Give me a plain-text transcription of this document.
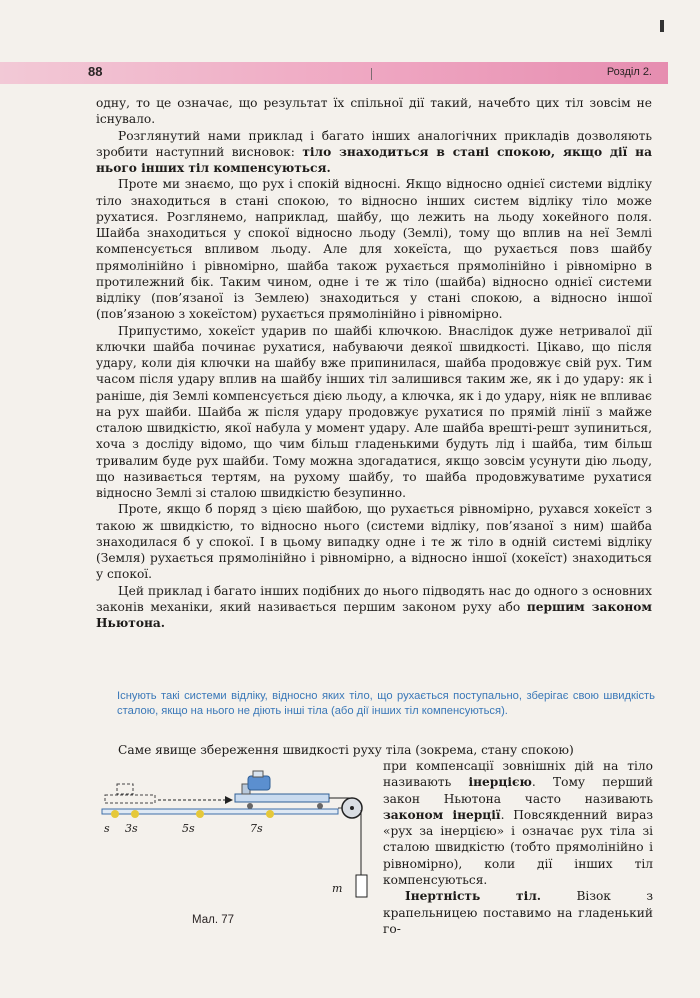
88	Розділ 2.

одну, то це означає, що результат їх спільної дії такий, начебто цих тіл зовсім не існувало.

Розглянутий нами приклад і багато інших аналогічних прикладів дозволяють зробити наступний висновок: тіло знаходиться в стані спокою, якщо дії на нього інших тіл компенсуються.

Проте ми знаємо, що рух і спокій відносні. Якщо відносно однієї системи відліку тіло знаходиться в стані спокою, то відносно інших систем відліку тіло може рухатися. Розглянемо, наприклад, шайбу, що лежить на льоду хокейного поля. Шайба знаходиться у спокої відносно льоду (Землі), тому що вплив на неї Землі компенсується впливом льоду. Але для хокеїста, що рухається повз шайбу прямолінійно і рівномірно, шайба також рухається прямолінійно і рівномірно в протилежний бік. Таким чином, одне і те ж тіло (шайба) відносно однієї системи відліку (пов’язаної із Землею) знаходиться у стані спокою, а відносно іншої (пов’язаною з хокеїстом) рухається прямолінійно і рівномірно.

Припустимо, хокеїст ударив по шайбі ключкою. Внаслідок дуже нетривалої дії ключки шайба починає рухатися, набуваючи деякої швидкості. Цікаво, що після удару, коли дія ключки на шайбу вже припинилася, шайба продовжує свій рух. Тим часом після удару вплив на шайбу інших тіл залишився таким же, як і до удару: як і раніше, дія Землі компенсується дією льоду, а ключка, як і до удару, ніяк не впливає на рух шайби. Шайба ж після удару продовжує рухатися по прямій лінії з майже сталою швидкістю, якої набула у момент удару. Але шайба врешті-решт зупиниться, хоча з досліду відомо, що чим більш гладенькими будуть лід і шайба, тим більш тривалим буде рух шайби. Тому можна здогадатися, якщо зовсім усунути дію льоду, що називається тертям, на рухому шайбу, то шайба продовжуватиме рухатися відносно Землі зі сталою швидкістю безупинно.

Проте, якщо б поряд з цією шайбою, що рухається рівномірно, рухався хокеїст з такою ж швидкістю, то відносно нього (системи відліку, пов’язаної з ним) шайба знаходилася б у спокої. І в цьому випадку одне і те ж тіло в одній системі відліку (Земля) рухається прямолінійно і рівномірно, а відносно іншої (хокеїст) знаходиться у спокої.

Цей приклад і багато інших подібних до нього підводять нас до одного з основних законів механіки, який називається першим законом руху або першим законом Ньютона.

Існують такі системи відліку, відносно яких тіло, що рухається поступально, зберігає свою швидкість сталою, якщо на нього не діють інші тіла (або дії інших тіл компенсуються).
Саме явище збереження швидкості руху тіла (зокрема, стану спокою)

при компенсації зовнішніх дій на тіло називають інерцією. Тому перший закон Ньютона часто називають законом інерції. Повсякденний вираз «рух за інерцією» і означає рух тіла зі сталою швидкістю (тобто прямолінійно і рівномірно), коли дії інших тіл компенсуються.

Інертність тіл.	Візок з крапельницею поставимо на гладенький го-

s 3s	5s	7s
m
Мал. 77
